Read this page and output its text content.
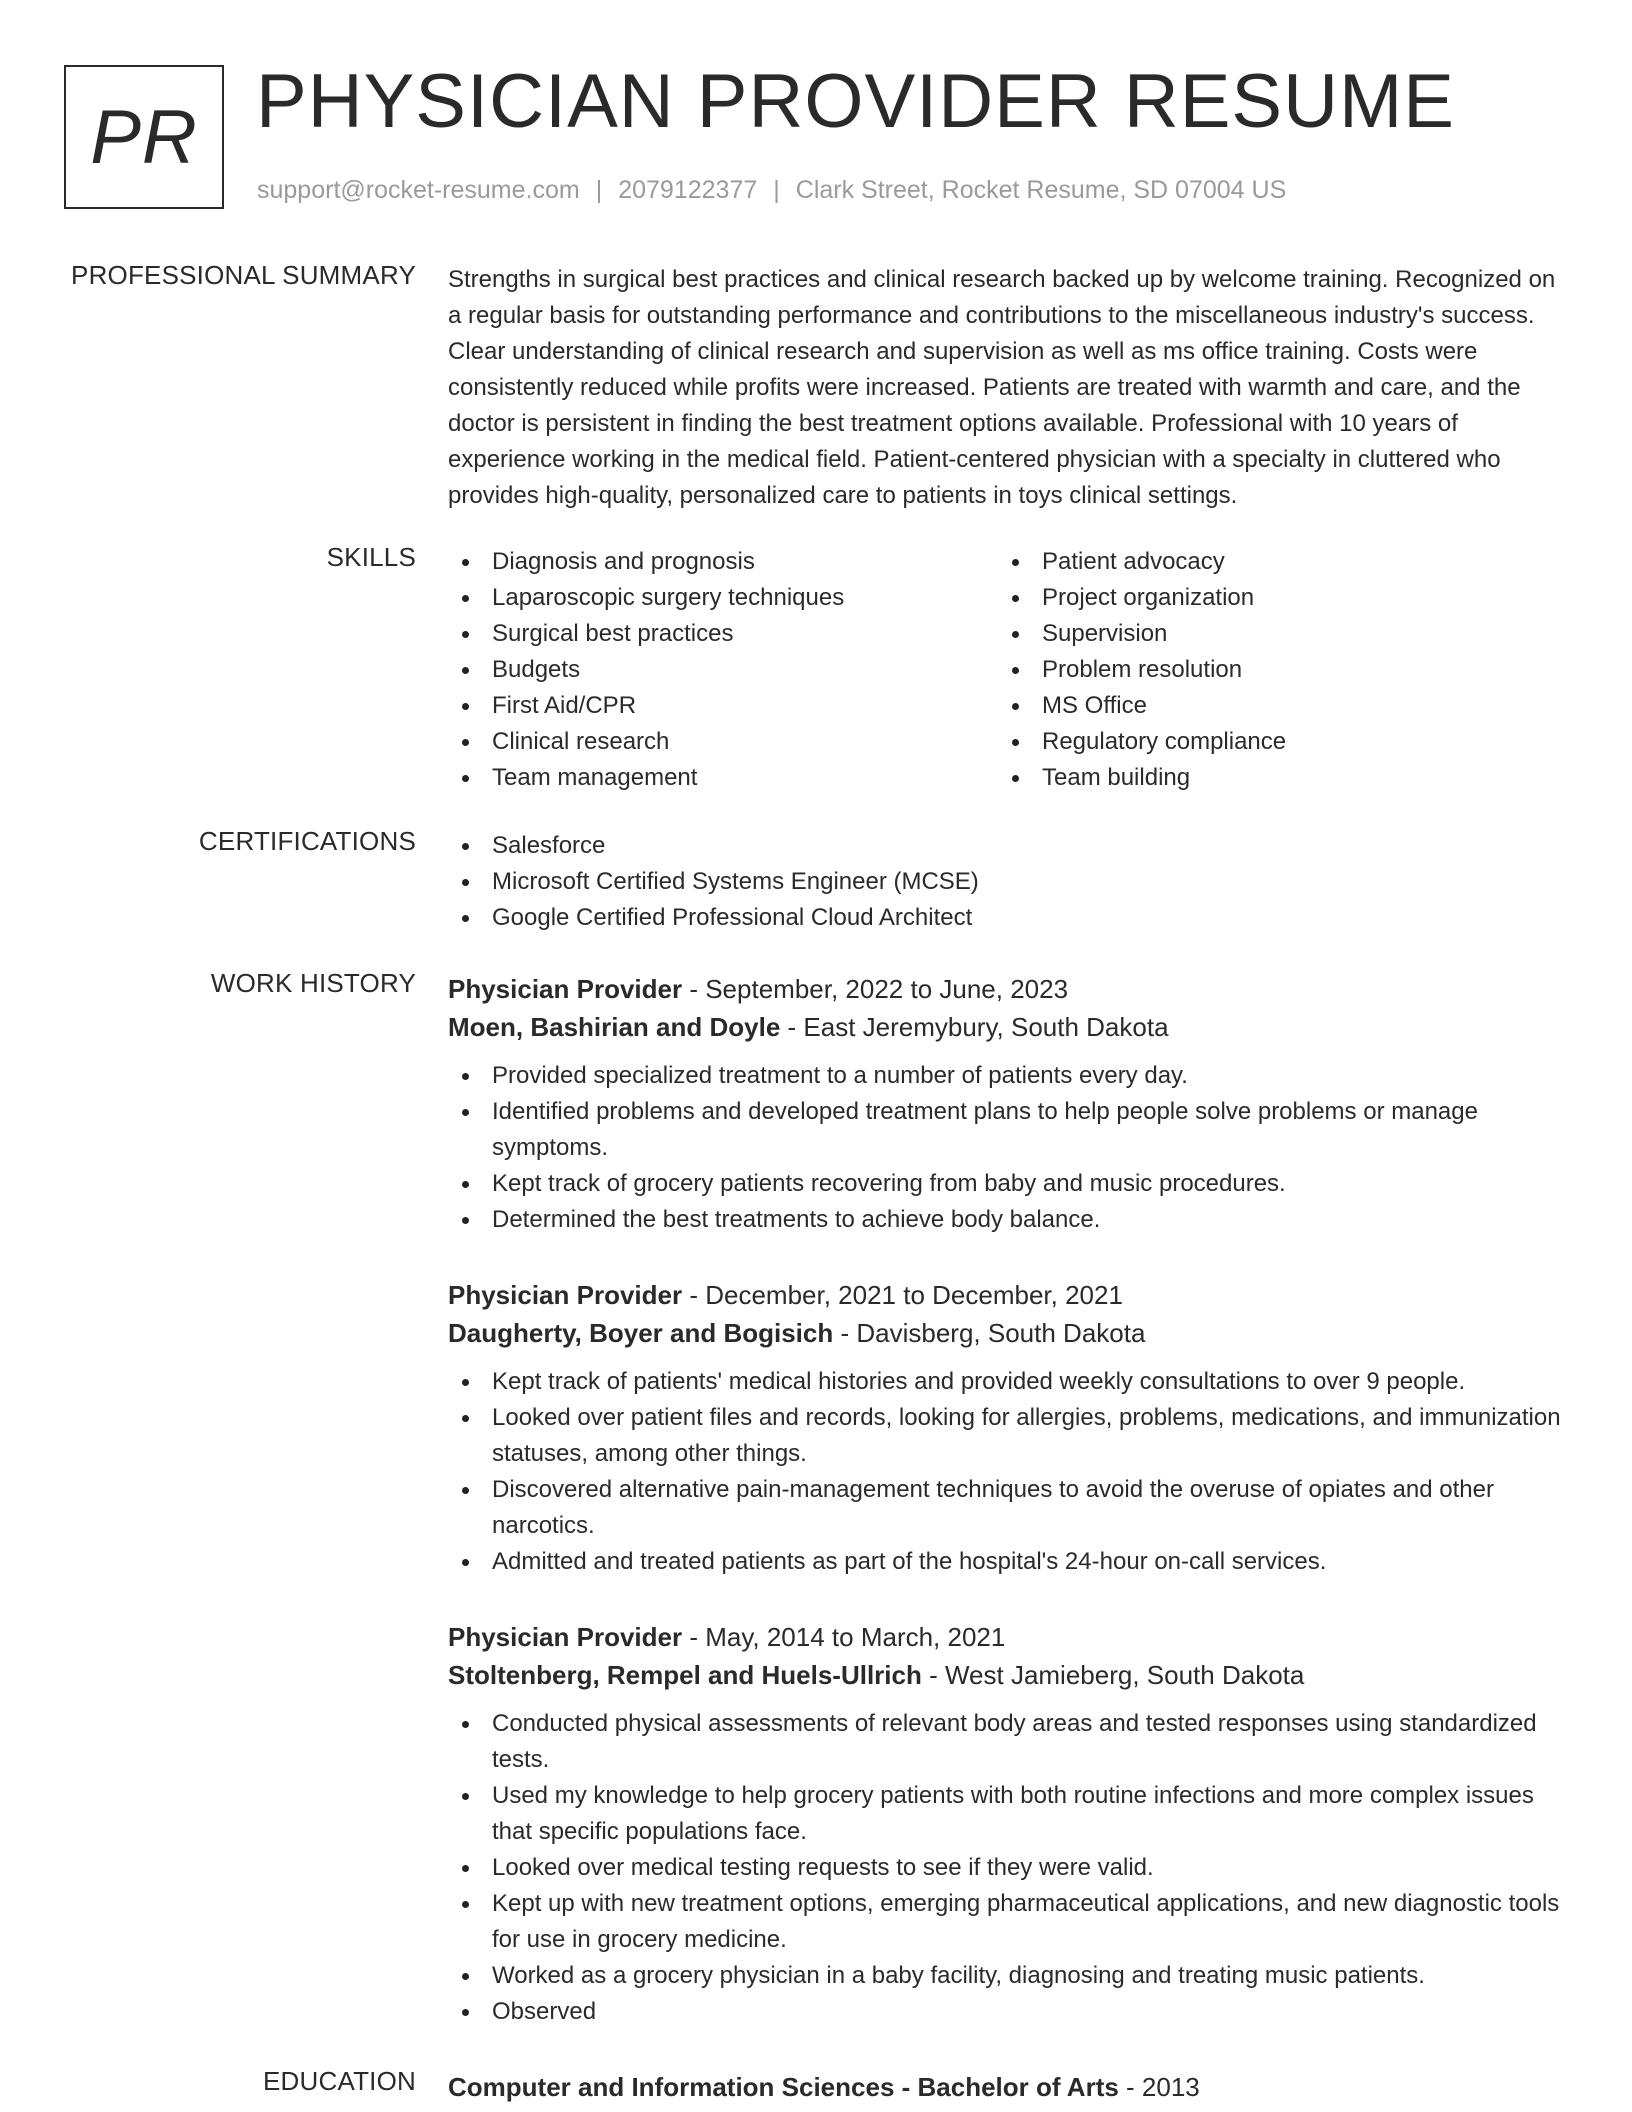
PR PHYSICIAN PROVIDER RESUME
support@rocket-resume.com | 2079122377 | Clark Street, Rocket Resume, SD 07004 US
PROFESSIONAL SUMMARY Strengths in surgical best practices and clinical research backed up by welcome training. Recognized on a regular basis for outstanding performance and contributions to the miscellaneous industry's success. Clear understanding of clinical research and supervision as well as ms office training. Costs were consistently reduced while profits were increased. Patients are treated with warmth and care, and the doctor is persistent in finding the best treatment options available. Professional with 10 years of experience working in the medical field. Patient-centered physician with a specialty in cluttered who provides high-quality, personalized care to patients in toys clinical settings.

SKILLS	Diagnosis and prognosis
Laparoscopic surgery techniques
Surgical best practices
Budgets
First Aid/CPR
Clinical research
Team management
Patient advocacy
Project organization
Supervision
Problem resolution
MS Office
Regulatory compliance
Team building
CERTIFICATIONS	Salesforce
Microsoft Certified Systems Engineer (MCSE)
Google Certified Professional Cloud Architect
WORK HISTORY Physician Provider - September, 2022 to June, 2023
Moen, Bashirian and Doyle - East Jeremybury, South Dakota
Provided specialized treatment to a number of patients every day.
Identified problems and developed treatment plans to help people solve problems or manage symptoms.
Kept track of grocery patients recovering from baby and music procedures.
Determined the best treatments to achieve body balance.
Physician Provider - December, 2021 to December, 2021
Daugherty, Boyer and Bogisich - Davisberg, South Dakota
Kept track of patients' medical histories and provided weekly consultations to over 9 people.
Looked over patient files and records, looking for allergies, problems, medications, and immunization statuses, among other things.
Discovered alternative pain-management techniques to avoid the overuse of opiates and other narcotics.
Admitted and treated patients as part of the hospital's 24-hour on-call services.
Physician Provider - May, 2014 to March, 2021
Stoltenberg, Rempel and Huels-Ullrich - West Jamieberg, South Dakota
Conducted physical assessments of relevant body areas and tested responses using standardized tests.
Used my knowledge to help grocery patients with both routine infections and more complex issues that specific populations face.
Looked over medical testing requests to see if they were valid.
Kept up with new treatment options, emerging pharmaceutical applications, and new diagnostic tools for use in grocery medicine.
Worked as a grocery physician in a baby facility, diagnosing and treating music patients.
Observed
EDUCATION Computer and Information Sciences - Bachelor of Arts - 2013
